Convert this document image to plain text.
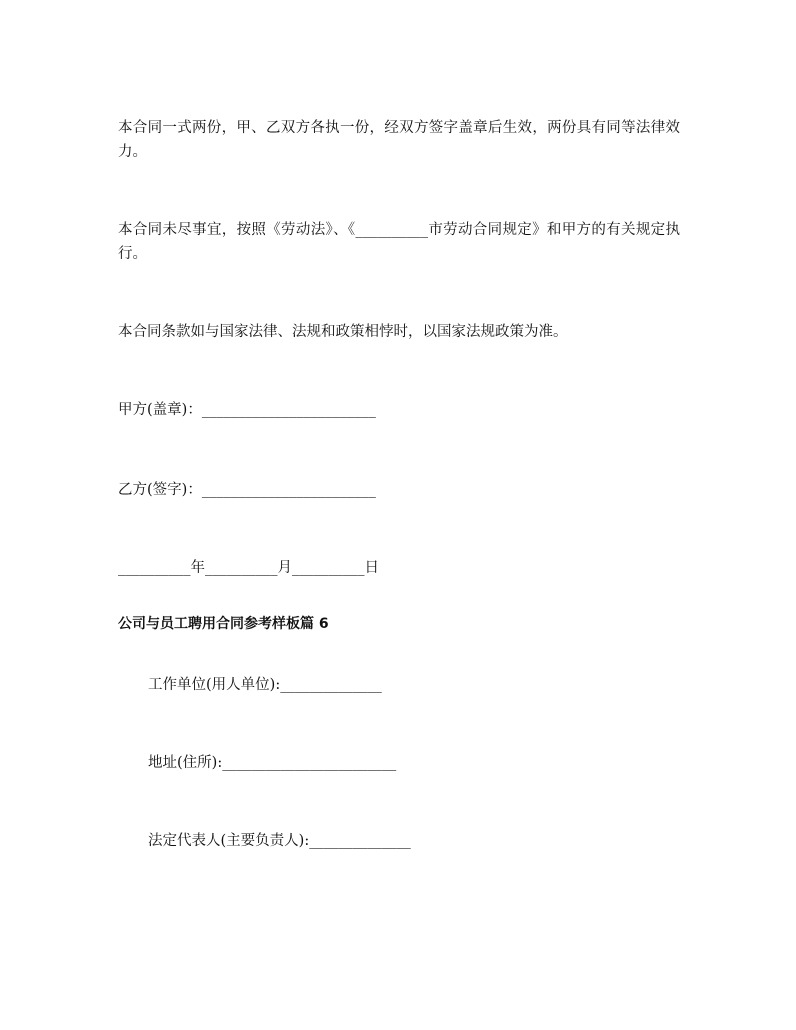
本合同一式两份，甲、乙双方各执一份，经双方签字盖章后生效，两份具有同等法律效力。
本合同未尽事宜，按照《劳动法》、《__________市劳动合同规定》和甲方的有关规定执行。
本合同条款如与国家法律、法规和政策相悖时，以国家法规政策为准。
甲方(盖章)：________________________
乙方(签字)：________________________
__________年__________月__________日
公司与员工聘用合同参考样板篇 6
工作单位(用人单位):______________
地址(住所):________________________
法定代表人(主要负责人):______________
